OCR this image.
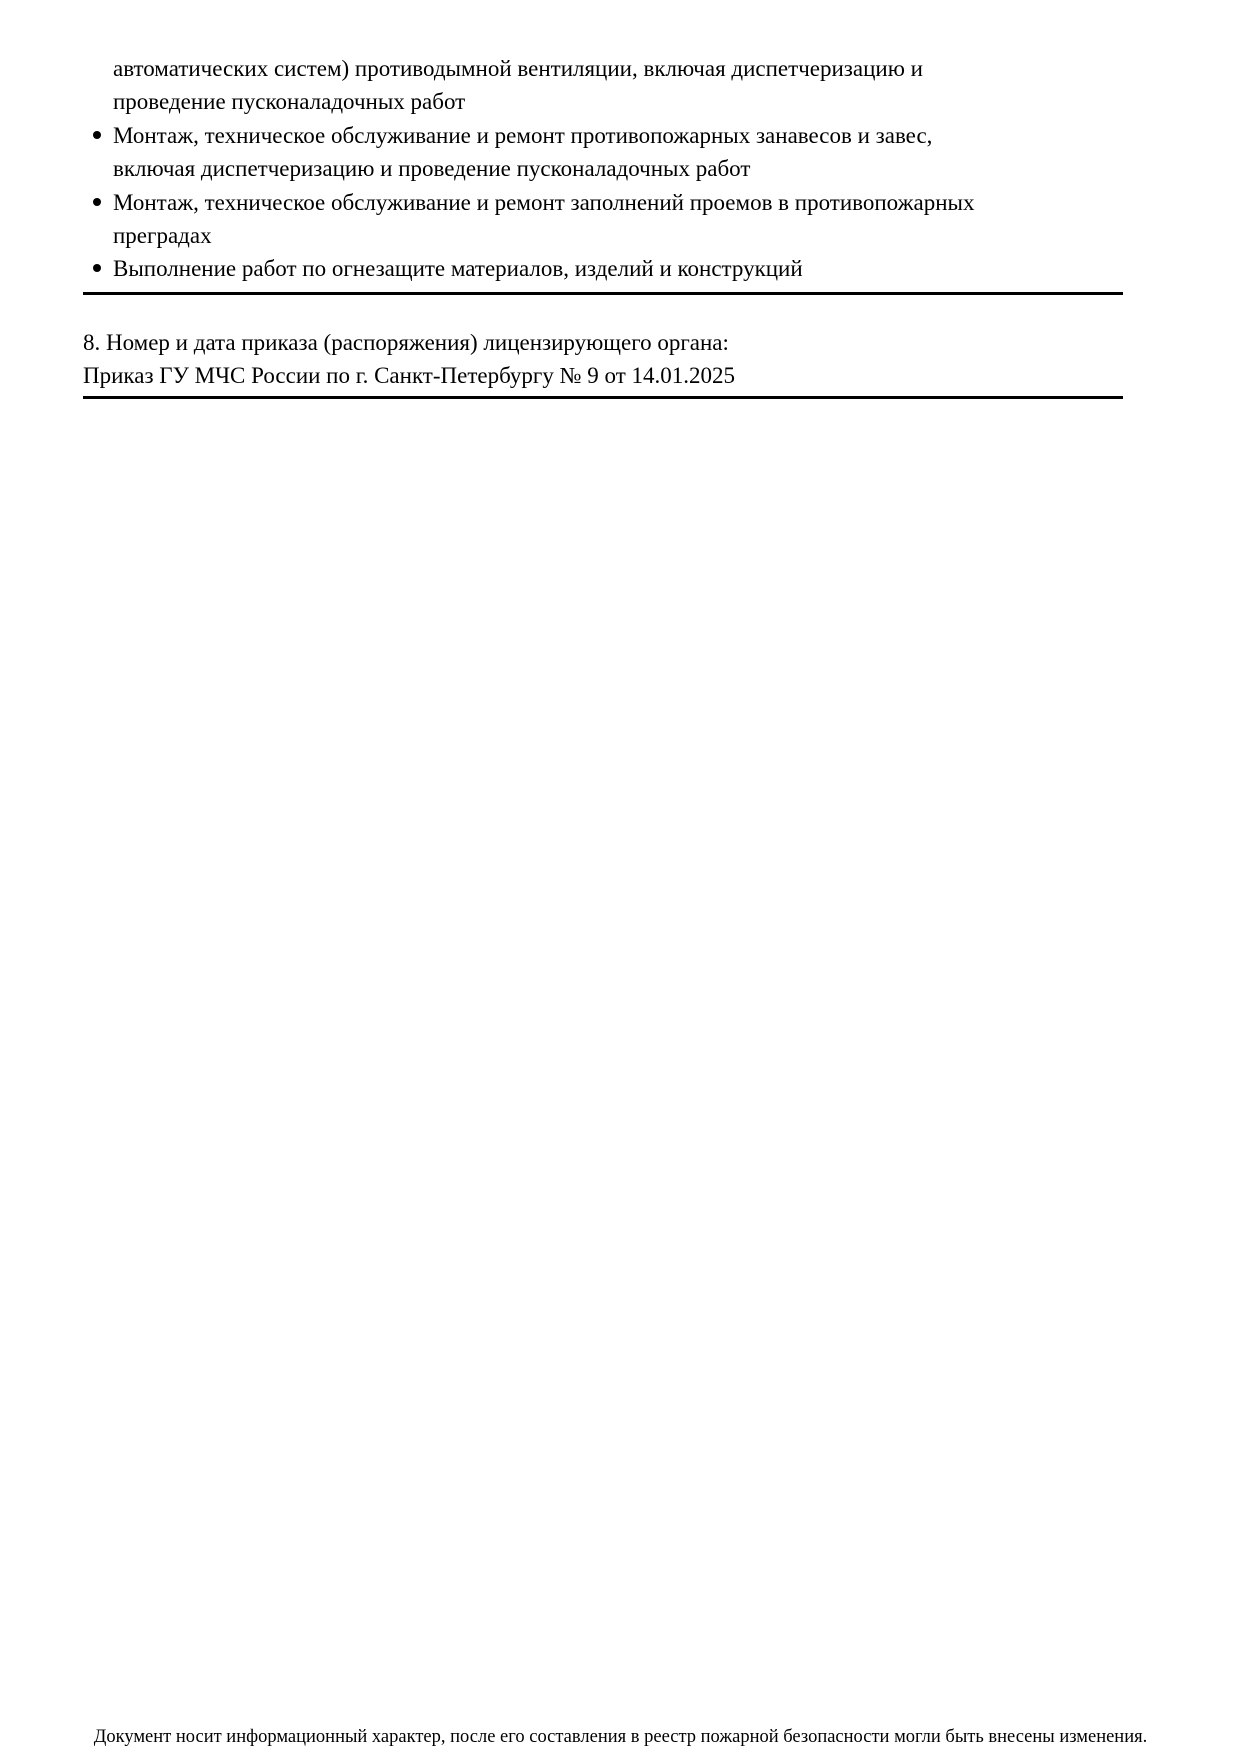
автоматических систем) противодымной вентиляции, включая диспетчеризацию и
проведение пусконаладочных работ
Монтаж, техническое обслуживание и ремонт противопожарных занавесов и завес,
включая диспетчеризацию и проведение пусконаладочных работ
Монтаж, техническое обслуживание и ремонт заполнений проемов в противопожарных
преградах
Выполнение работ по огнезащите материалов, изделий и конструкций
8. Номер и дата приказа (распоряжения) лицензирующего органа:
Приказ ГУ МЧС России по г. Санкт-Петербургу № 9 от 14.01.2025
Документ носит информационный характер, после его составления в реестр пожарной безопасности могли быть внесены изменения.
